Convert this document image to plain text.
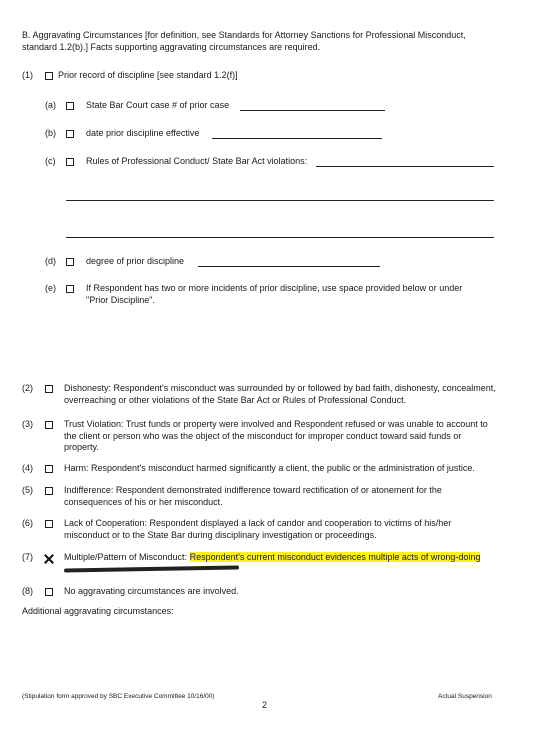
B. Aggravating Circumstances [for definition, see Standards for Attorney Sanctions for Professional Misconduct, standard 1.2(b).] Facts supporting aggravating circumstances are required.
(1)	Prior record of discipline [see standard 1.2(f)]
(a)	State Bar Court case # of prior case
(b)	date prior discipline effective
(c)	Rules of Professional Conduct/ State Bar Act violations:
(d)	degree of prior discipline
(e)	If Respondent has two or more incidents of prior discipline, use space provided below or under "Prior Discipline".
(2)	Dishonesty: Respondent's misconduct was surrounded by or followed by bad faith, dishonesty, concealment, overreaching or other violations of the State Bar Act or Rules of Professional Conduct.
(3)	Trust Violation: Trust funds or property were involved and Respondent refused or was unable to account to the client or person who was the object of the misconduct for improper conduct toward said funds or property.
(4)	Harm: Respondent's misconduct harmed significantly a client, the public or the administration of justice.
(5)	Indifference: Respondent demonstrated indifference toward rectification of or atonement for the consequences of his or her misconduct.
(6)	Lack of Cooperation: Respondent displayed a lack of candor and cooperation to victims of his/her misconduct or to the State Bar during disciplinary investigation or proceedings.
(7)	Multiple/Pattern of Misconduct: Respondent's current misconduct evidences multiple acts of wrong-doing
(8)	No aggravating circumstances are involved.
Additional aggravating circumstances:
(Stipulation form approved by SBC Executive Committee 10/16/00)	Actual Suspension
2
